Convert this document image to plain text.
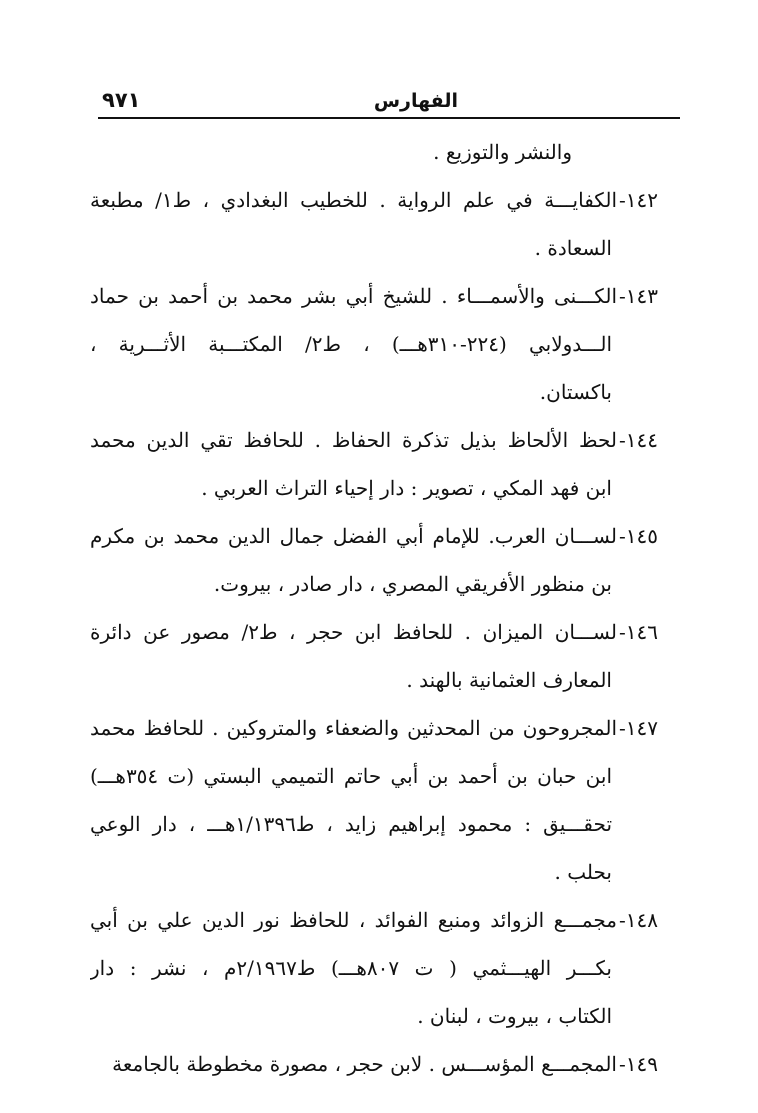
الفهارس
٩٧١

والنشر والتوزيع .

١٤٢-الكفايـــة في علم الرواية . للخطيب البغدادي ، ط١/ مطبعة
السعادة .
١٤٣-الكـــنى والأسمـــاء . للشيخ أبي بشر محمد بن أحمد بن حماد
الـــدولابي (٢٢٤-٣١٠هـــ) ، ط٢/ المكتـــبة الأثـــرية ،
باكستان.
١٤٤-لحظ الألحاظ بذيل تذكرة الحفاظ . للحافظ تقي الدين محمد
ابن فهد المكي ، تصوير : دار إحياء التراث العربي .
١٤٥-لســـان العرب. للإمام أبي الفضل جمال الدين محمد بن مكرم
بن منظور الأفريقي المصري ، دار صادر ، بيروت.
١٤٦-لســـان الميزان . للحافظ ابن حجر ، ط٢/ مصور عن دائرة
المعارف العثمانية بالهند .
١٤٧-المجروحون من المحدثين والضعفاء والمتروكين . للحافظ محمد
ابن حبان بن أحمد بن أبي حاتم التميمي البستي (ت ٣٥٤هـــ)
تحقـــيق : محمود إبراهيم زايد ، ط١/١٣٩٦هـــ ، دار الوعي
بحلب .
١٤٨-مجمـــع الزوائد ومنبع الفوائد ، للحافظ نور الدين علي بن أبي
بكـــر الهيـــثمي ( ت ٨٠٧هـــ) ط٢/١٩٦٧م ، نشر : دار
الكتاب ، بيروت ، لبنان .
١٤٩-المجمـــع المؤســـس . لابن حجر ، مصورة مخطوطة بالجامعة
